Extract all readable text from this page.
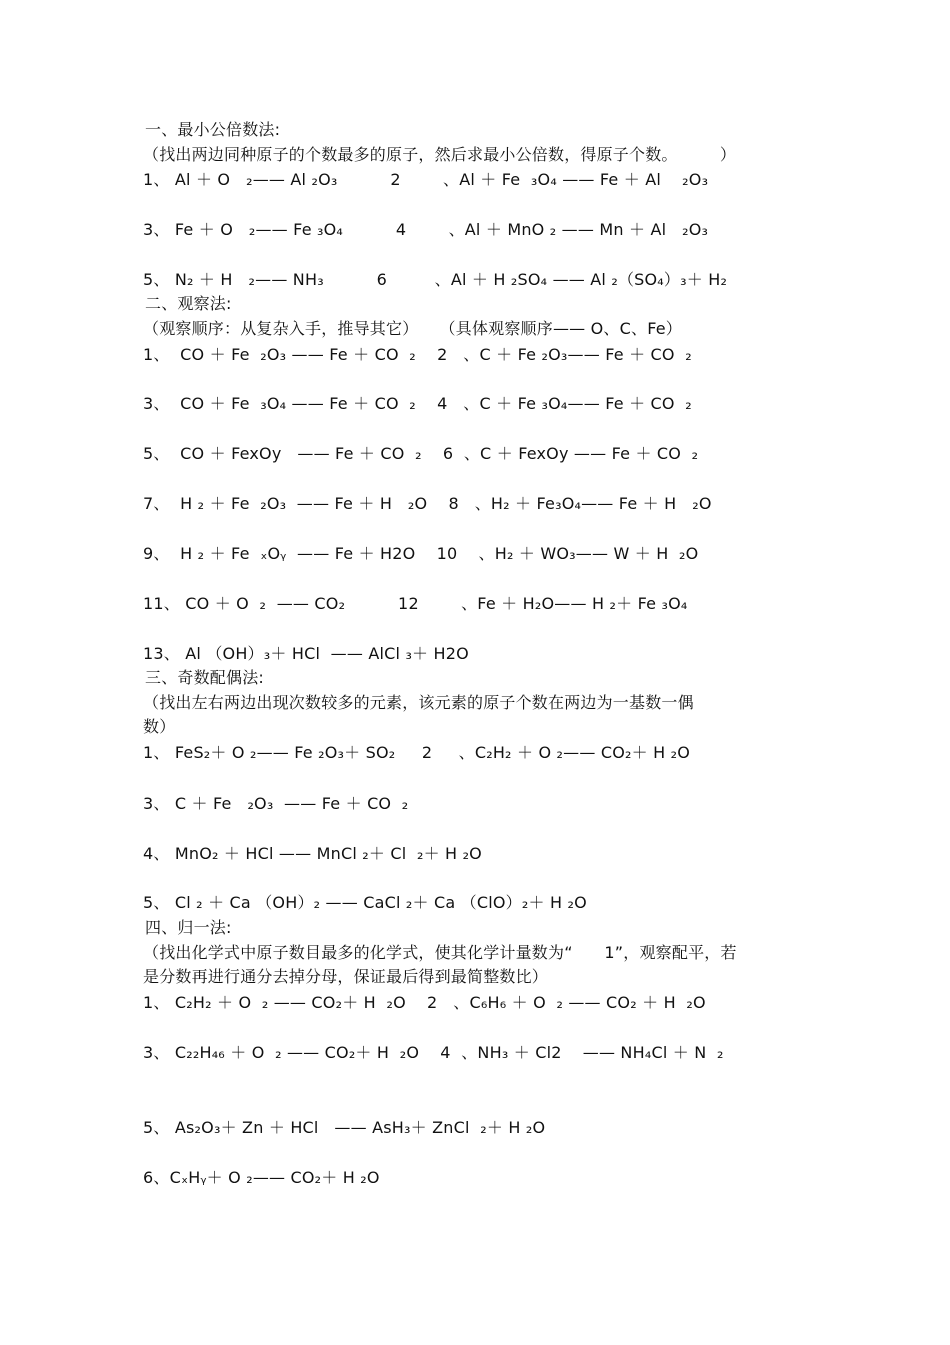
一、最小公倍数法:
（找出两边同种原子的个数最多的原子，然后求最小公倍数，得原子个数。        ）
1、 Al ＋ O   ₂—— Al ₂O₃          2        、Al ＋ Fe  ₃O₄ —— Fe ＋ Al    ₂O₃
3、 Fe ＋ O   ₂—— Fe ₃O₄          4        、Al ＋ MnO ₂ —— Mn ＋ Al   ₂O₃
5、 N₂ ＋ H   ₂—— NH₃          6         、Al ＋ H ₂SO₄ —— Al ₂（SO₄）₃＋ H₂
二、观察法:
（观察顺序：从复杂入手，推导其它）    （具体观察顺序—— O、C、Fe）
1、  CO ＋ Fe  ₂O₃ —— Fe ＋ CO  ₂    2   、C ＋ Fe ₂O₃—— Fe ＋ CO  ₂
3、  CO ＋ Fe  ₃O₄ —— Fe ＋ CO  ₂    4   、C ＋ Fe ₃O₄—— Fe ＋ CO  ₂
5、  CO ＋ FexOy   —— Fe ＋ CO  ₂    6  、C ＋ FexOy —— Fe ＋ CO  ₂
7、  H ₂ ＋ Fe  ₂O₃  —— Fe ＋ H   ₂O    8   、H₂ ＋ Fe₃O₄—— Fe ＋ H   ₂O
9、  H ₂ ＋ Fe  ₓOᵧ  —— Fe ＋ H2O    10    、H₂ ＋ WO₃—— W ＋ H  ₂O
11、 CO ＋ O  ₂  —— CO₂          12        、Fe ＋ H₂O—— H ₂＋ Fe ₃O₄
13、 Al （OH）₃＋ HCl  —— AlCl ₃＋ H2O
三、奇数配偶法:
（找出左右两边出现次数较多的元素，该元素的原子个数在两边为一基数一偶
数）
1、 FeS₂＋ O ₂—— Fe ₂O₃＋ SO₂     2     、C₂H₂ ＋ O ₂—— CO₂＋ H ₂O
3、 C ＋ Fe   ₂O₃  —— Fe ＋ CO  ₂
4、 MnO₂ ＋ HCl —— MnCl ₂＋ Cl  ₂＋ H ₂O
5、 Cl ₂ ＋ Ca （OH）₂ —— CaCl ₂＋ Ca （ClO）₂＋ H ₂O
四、归一法:
（找出化学式中原子数目最多的化学式，使其化学计量数为“      1”，观察配平，若
是分数再进行通分去掉分母，保证最后得到最简整数比）
1、 C₂H₂ ＋ O  ₂ —— CO₂＋ H  ₂O    2   、C₆H₆ ＋ O  ₂ —— CO₂ ＋ H  ₂O
3、 C₂₂H₄₆ ＋ O  ₂ —— CO₂＋ H  ₂O    4  、NH₃ ＋ Cl2    —— NH₄Cl ＋ N  ₂
5、 As₂O₃＋ Zn ＋ HCl   —— AsH₃＋ ZnCl  ₂＋ H ₂O
6、CₓHᵧ＋ O ₂—— CO₂＋ H ₂O
